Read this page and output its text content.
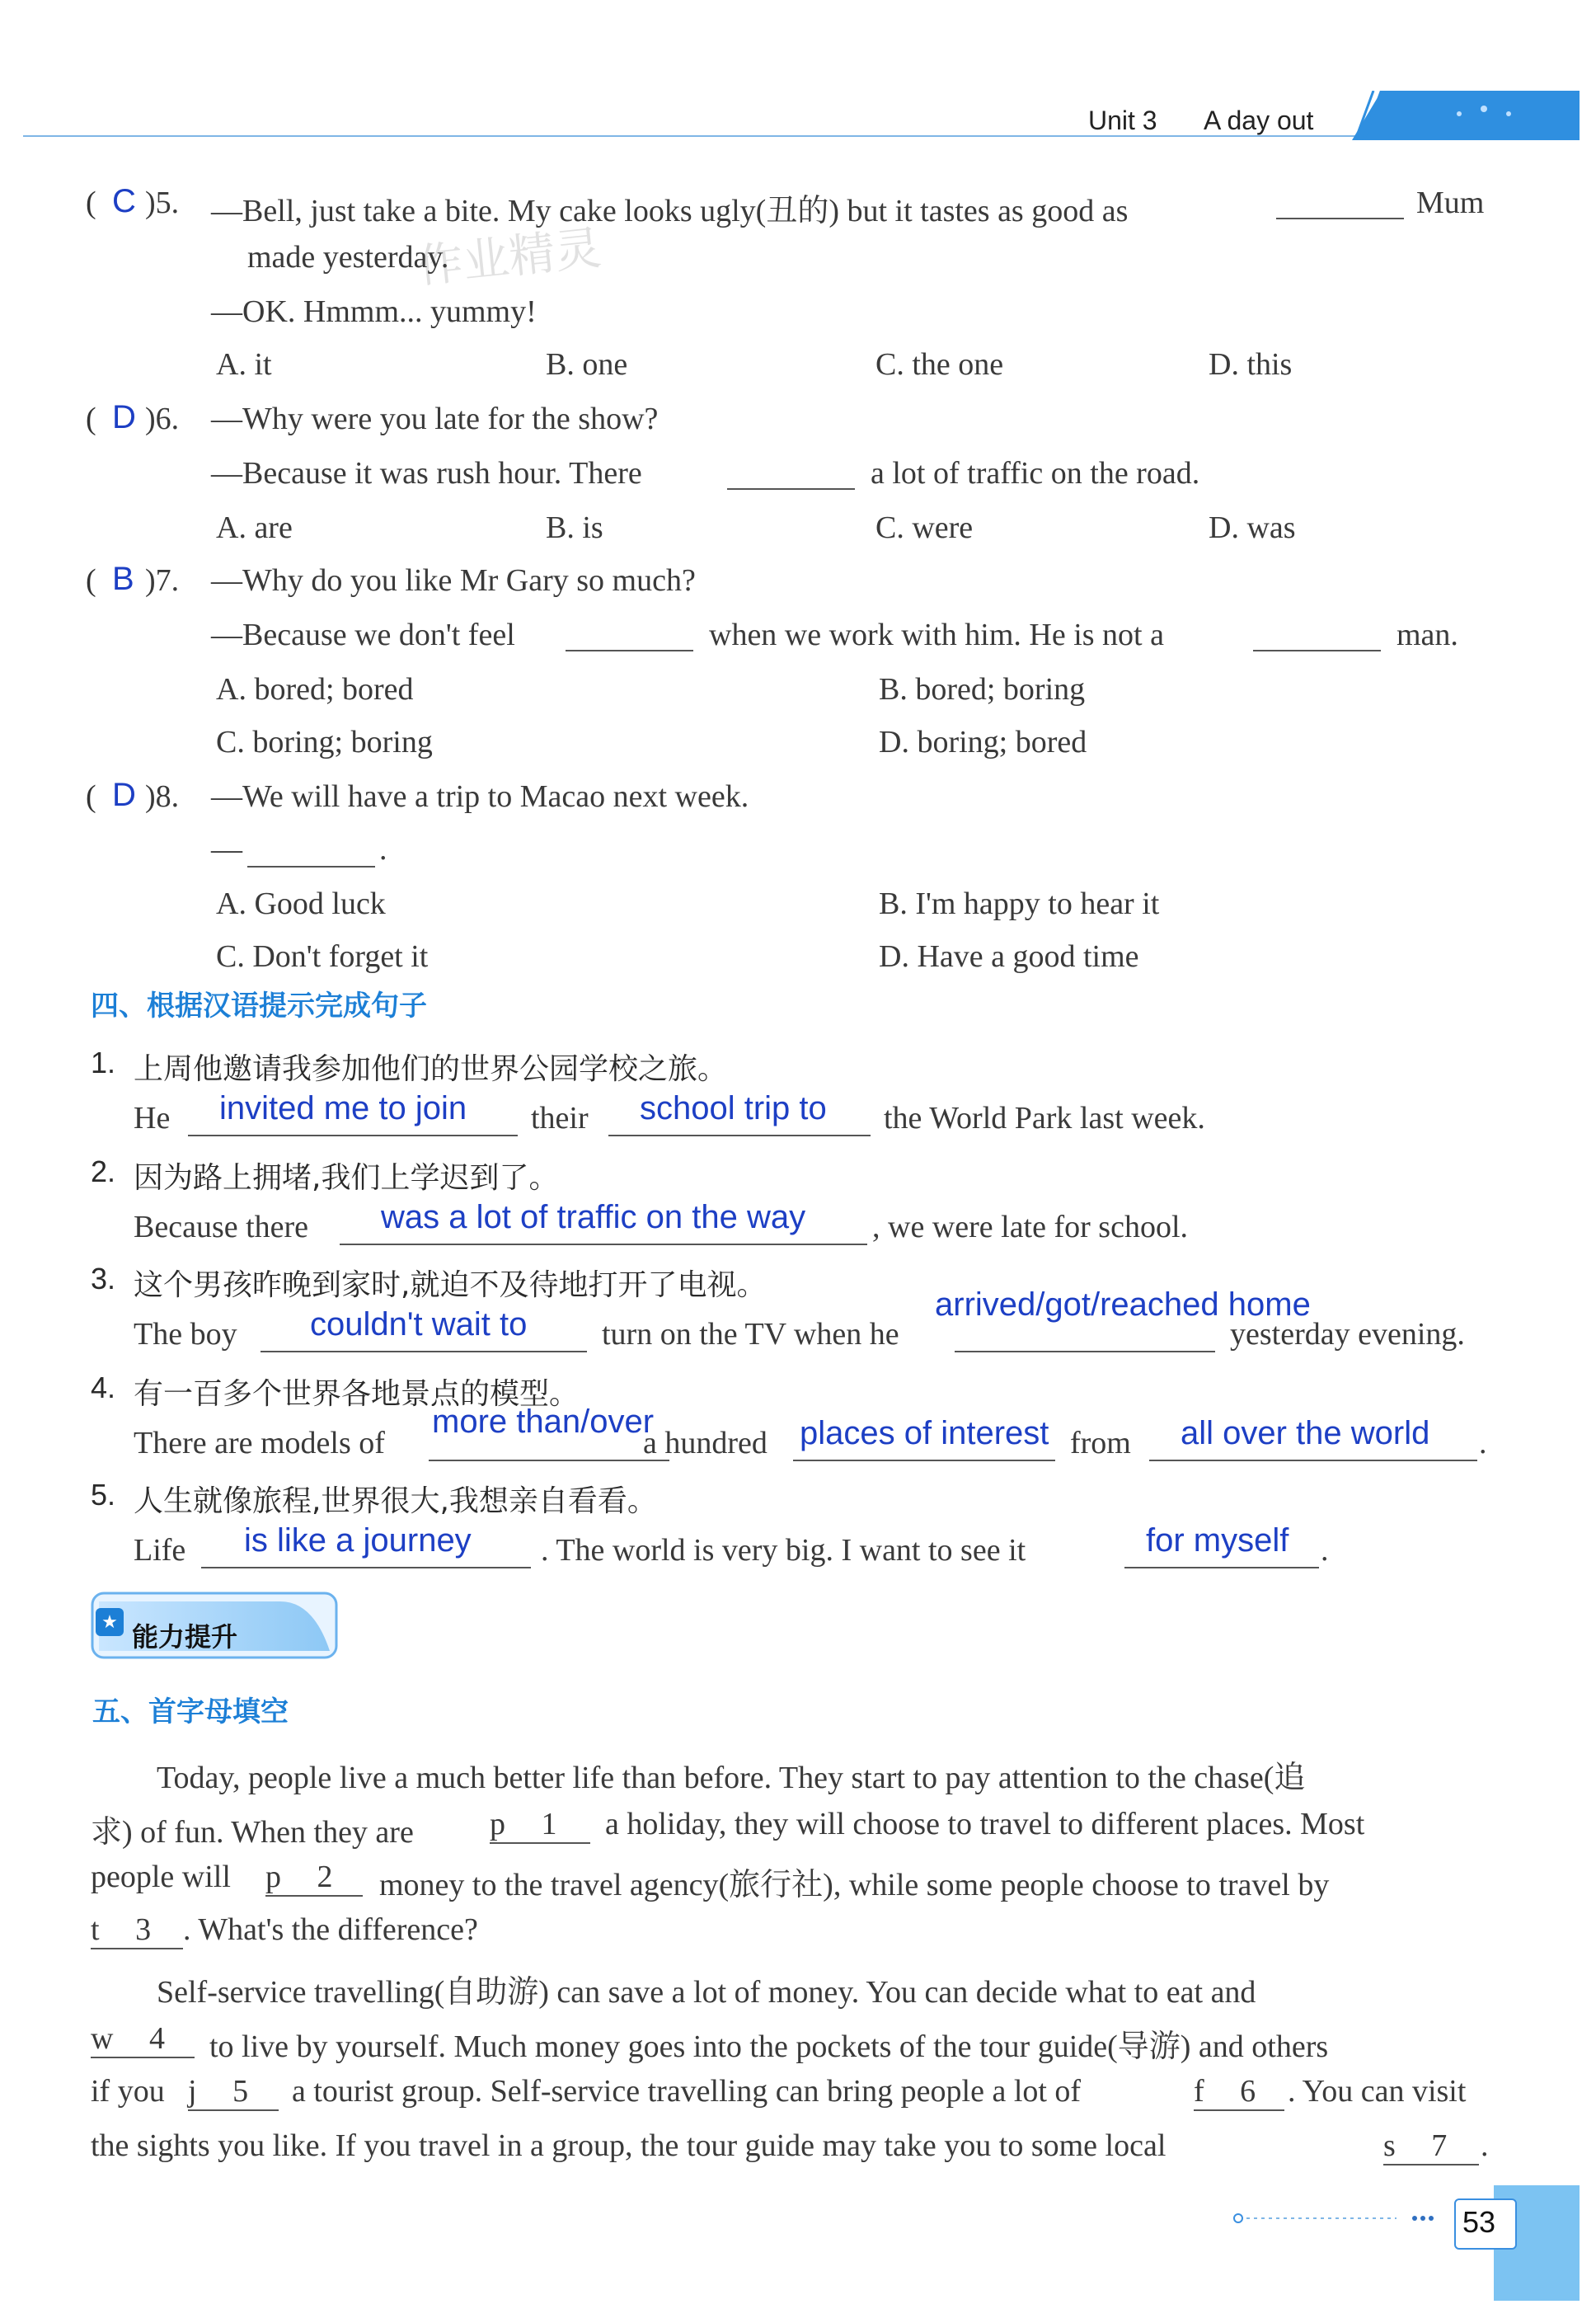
Unit 3 A day out
作业精灵
( C )5. —Bell, just take a bite. My cake looks ugly(丑的) but it tastes as good as	Mum
made yesterday.
—OK. Hmmm... yummy!
A. it	B. one	C. the one	D. this
( D )6. —Why were you late for the show?
—Because it was rush hour. There	a lot of traffic on the road.
A. are	B. is	C. were	D. was
( B )7. —Why do you like Mr Gary so much?
—Because we don't feel	when we work with him. He is not a	man.
A. bored; bored	B. bored; boring
C. boring; boring	D. boring; bored
( D )8. —We will have a trip to Macao next week.
—	.
A. Good luck	B. I'm happy to hear it
C. Don't forget it	D. Have a good time
四、根据汉语提示完成句子
1. 上周他邀请我参加他们的世界公园学校之旅。
He invited me to join their school trip to the World Park last week.
2. 因为路上拥堵,我们上学迟到了。
Because there was a lot of traffic on the way , we were late for school.
3. 这个男孩昨晚到家时,就迫不及待地打开了电视。
The boy couldn't wait to turn on the TV when he
arrived/got/reached home
yesterday evening.
4. 有一百多个世界各地景点的模型。
There are models of
more than/over
a hundred places of interest from all over the world .
5. 人生就像旅程,世界很大,我想亲自看看。
Life is like a journey . The world is very big. I want to see it	for myself .
★ 能力提升
五、首字母填空
Today, people live a much better life than before. They start to pay attention to the chase(追
求) of fun. When they are p 1	a holiday, they will choose to travel to different places. Most
people will p 2	money to the travel agency(旅行社), while some people choose to travel by
t 3	. What's the difference?
Self-service travelling(自助游) can save a lot of money. You can decide what to eat and
w 4	to live by yourself. Much money goes into the pockets of the tour guide(导游) and others
if you j 5	a tourist group. Self-service travelling can bring people a lot of	f 6	. You can visit
the sights you like. If you travel in a group, the tour guide may take you to some local	s 7	.
53
